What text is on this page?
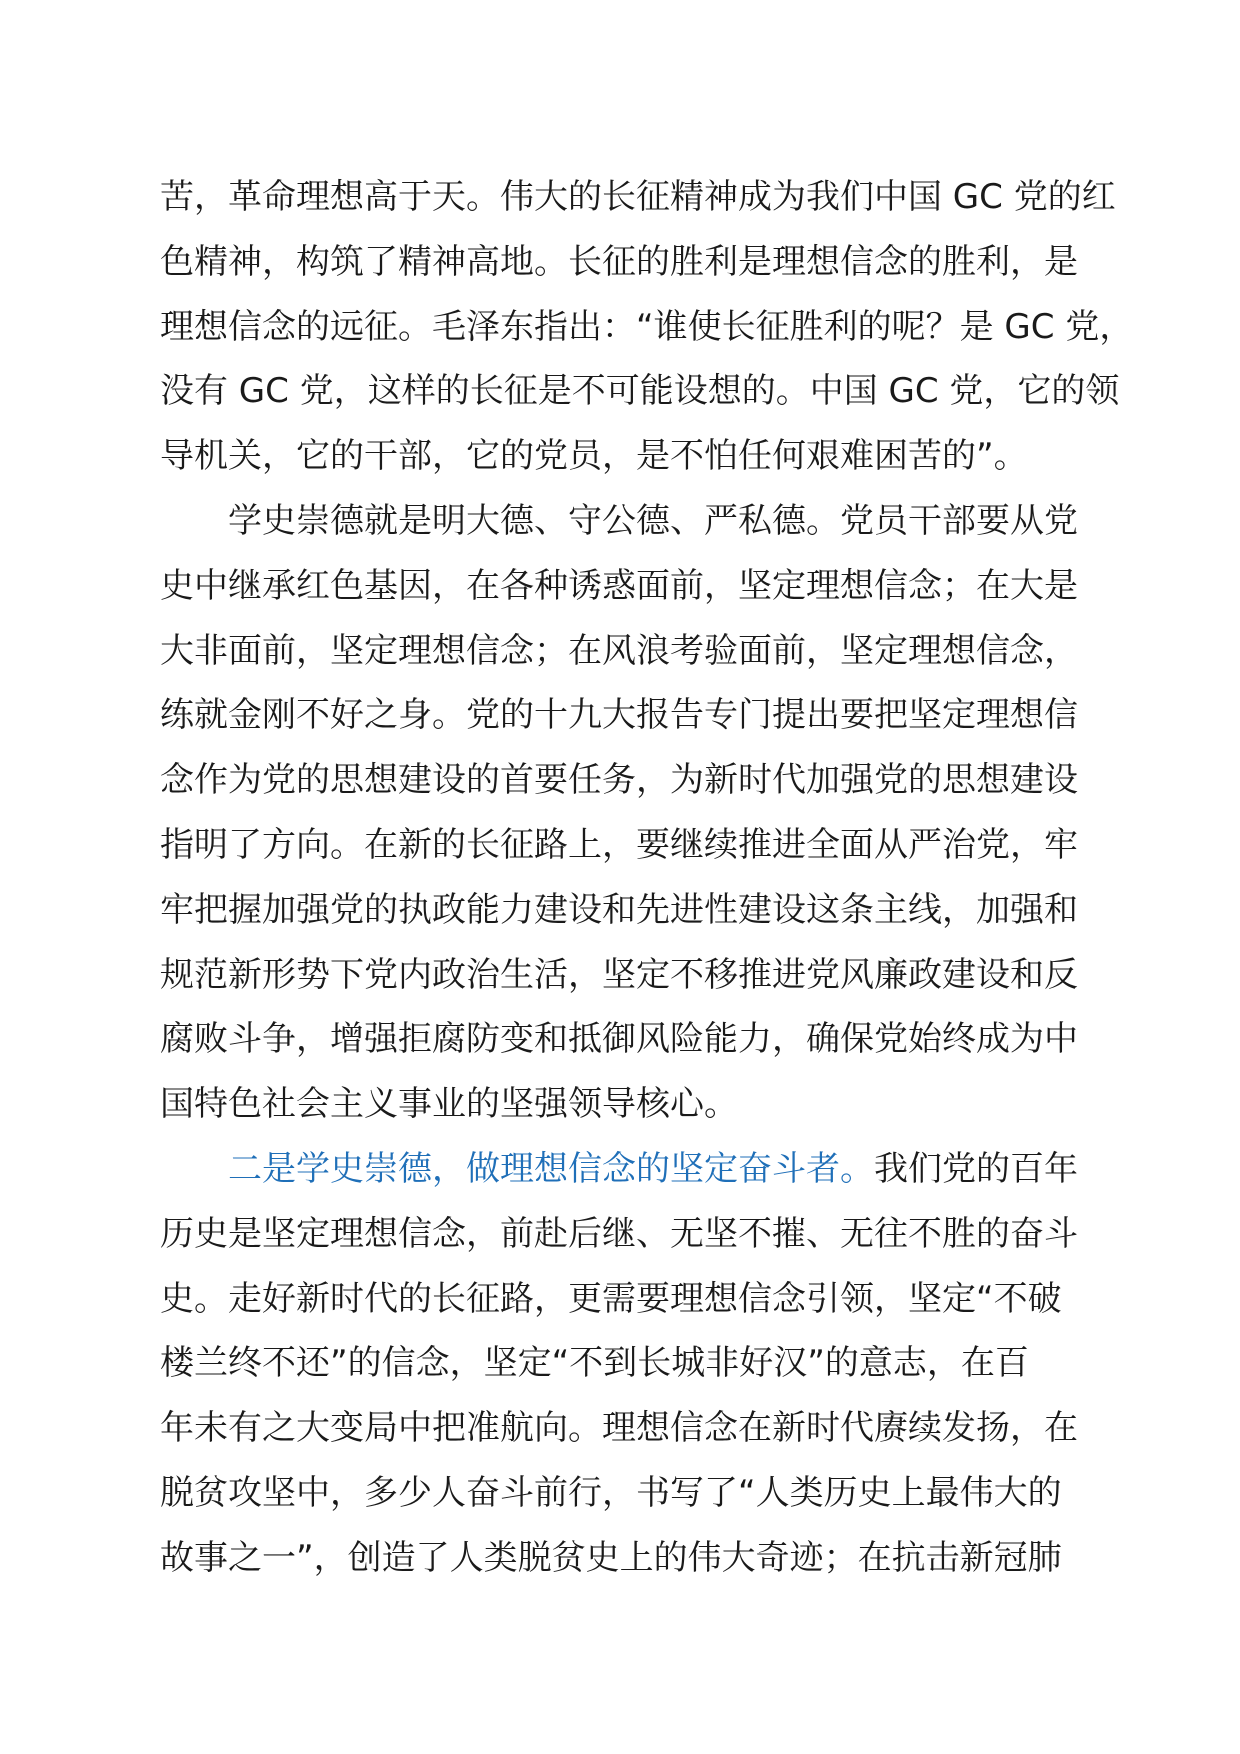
苦，革命理想高于天。伟大的长征精神成为我们中国 GC 党的红
色精神，构筑了精神高地。长征的胜利是理想信念的胜利，是
理想信念的远征。毛泽东指出：“谁使长征胜利的呢？是 GC 党，
没有 GC 党，这样的长征是不可能设想的。中国 GC 党，它的领
导机关，它的干部，它的党员，是不怕任何艰难困苦的”。
学史崇德就是明大德、守公德、严私德。党员干部要从党
史中继承红色基因，在各种诱惑面前，坚定理想信念；在大是
大非面前，坚定理想信念；在风浪考验面前，坚定理想信念，
练就金刚不好之身。党的十九大报告专门提出要把坚定理想信
念作为党的思想建设的首要任务，为新时代加强党的思想建设
指明了方向。在新的长征路上，要继续推进全面从严治党，牢
牢把握加强党的执政能力建设和先进性建设这条主线，加强和
规范新形势下党内政治生活，坚定不移推进党风廉政建设和反
腐败斗争，增强拒腐防变和抵御风险能力，确保党始终成为中
国特色社会主义事业的坚强领导核心。
二是学史崇德，做理想信念的坚定奋斗者。我们党的百年
历史是坚定理想信念，前赴后继、无坚不摧、无往不胜的奋斗
史。走好新时代的长征路，更需要理想信念引领，坚定“不破
楼兰终不还”的信念，坚定“不到长城非好汉”的意志，在百
年未有之大变局中把准航向。理想信念在新时代赓续发扬，在
脱贫攻坚中，多少人奋斗前行，书写了“人类历史上最伟大的
故事之一”，创造了人类脱贫史上的伟大奇迹；在抗击新冠肺
